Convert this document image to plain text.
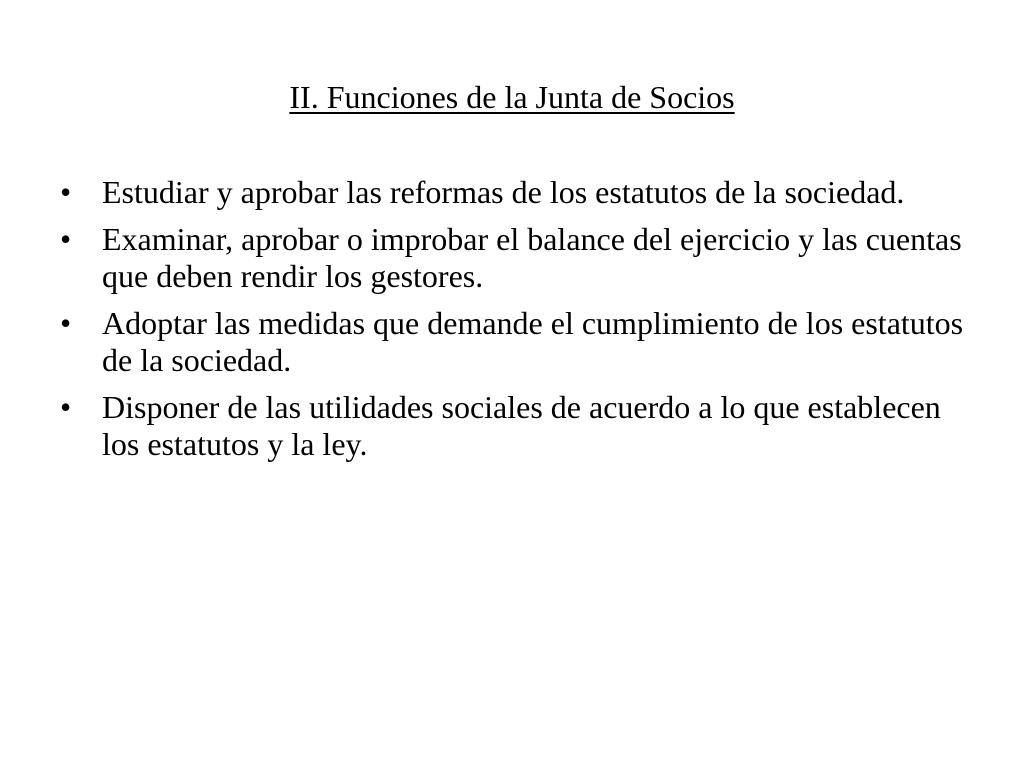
II. Funciones de la Junta de Socios
• Estudiar y aprobar las reformas de los estatutos de la sociedad.
• Examinar, aprobar o improbar el balance del ejercicio y las cuentas que deben rendir los gestores.
• Adoptar las medidas que demande el cumplimiento de los estatutos de la sociedad.
• Disponer de las utilidades sociales de acuerdo a lo que establecen los estatutos y la ley.
